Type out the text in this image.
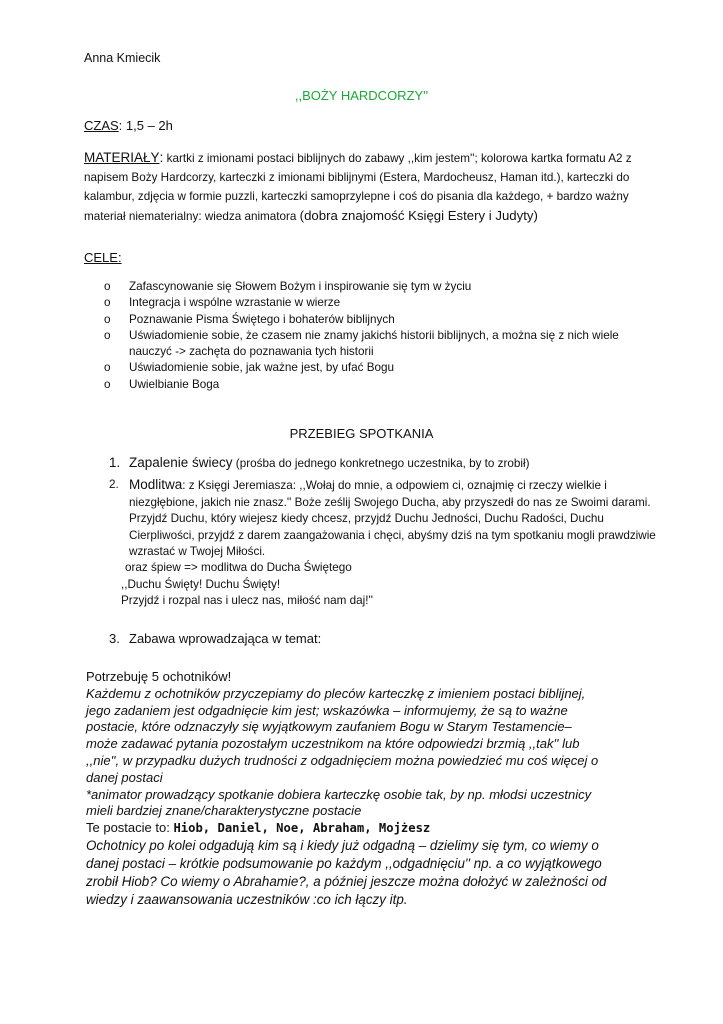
Anna Kmiecik
,,BOŻY HARDCORZY''
CZAS: 1,5 – 2h
MATERIAŁY: kartki z imionami postaci biblijnych do zabawy ,,kim jestem''; kolorowa kartka formatu A2 z napisem Boży Hardcorzy, karteczki z imionami biblijnymi (Estera, Mardocheusz, Haman itd.), karteczki do kalambur, zdjęcia w formie puzzli, karteczki samoprzylepne i coś do pisania dla każdego, + bardzo ważny materiał niematerialny: wiedza animatora (dobra znajomość Księgi Estery i Judyty)
CELE:
o Zafascynowanie się Słowem Bożym i inspirowanie się tym w życiu
o Integracja i wspólne wzrastanie w wierze
o Poznawanie Pisma Świętego i bohaterów biblijnych
o Uświadomienie sobie, że czasem nie znamy jakichś historii biblijnych, a można się z nich wiele nauczyć -> zachęta do poznawania tych historii
o Uświadomienie sobie, jak ważne jest, by ufać Bogu
o Uwielbianie Boga
PRZEBIEG SPOTKANIA
1. Zapalenie świecy (prośba do jednego konkretnego uczestnika, by to zrobił)
2. Modlitwa: z Księgi Jeremiasza: ,,Wołaj do mnie, a odpowiem ci, oznajmię ci rzeczy wielkie i niezgłębione, jakich nie znasz.'' Boże ześlij Swojego Ducha, aby przyszedł do nas ze Swoimi darami. Przyjdź Duchu, który wiejesz kiedy chcesz, przyjdź Duchu Jedności, Duchu Radości, Duchu Cierpliwości, przyjdź z darem zaangażowania i chęci, abyśmy dziś na tym spotkaniu mogli prawdziwie wzrastać w Twojej Miłości.
oraz śpiew => modlitwa do Ducha Świętego
,,Duchu Święty! Duchu Święty!
Przyjdź i rozpal nas i ulecz nas, miłość nam daj!''
3. Zabawa wprowadzająca w temat:
Potrzebuję 5 ochotników!
Każdemu z ochotników przyczepiamy do pleców karteczkę z imieniem postaci biblijnej,
jego zadaniem jest odgadnięcie kim jest; wskazówka – informujemy, że są to ważne
postacie, które odznaczyły się wyjątkowym zaufaniem Bogu w Starym Testamencie–
może zadawać pytania pozostałym uczestnikom na które odpowiedzi brzmią ,,tak'' lub
,,nie'', w przypadku dużych trudności z odgadnięciem można powiedzieć mu coś więcej o
danej postaci
*animator prowadzący spotkanie dobiera karteczkę osobie tak, by np. młodsi uczestnicy
mieli bardziej znane/charakterystyczne postacie
Te postacie to: Hiob, Daniel, Noe, Abraham, Mojżesz
Ochotnicy po kolei odgadują kim są i kiedy już odgadną – dzielimy się tym, co wiemy o
danej postaci – krótkie podsumowanie po każdym ,,odgadnięciu'' np. a co wyjątkowego
zrobił Hiob? Co wiemy o Abrahamie?, a później jeszcze można dołożyć w zależności od
wiedzy i zaawansowania uczestników :co ich łączy itp.
